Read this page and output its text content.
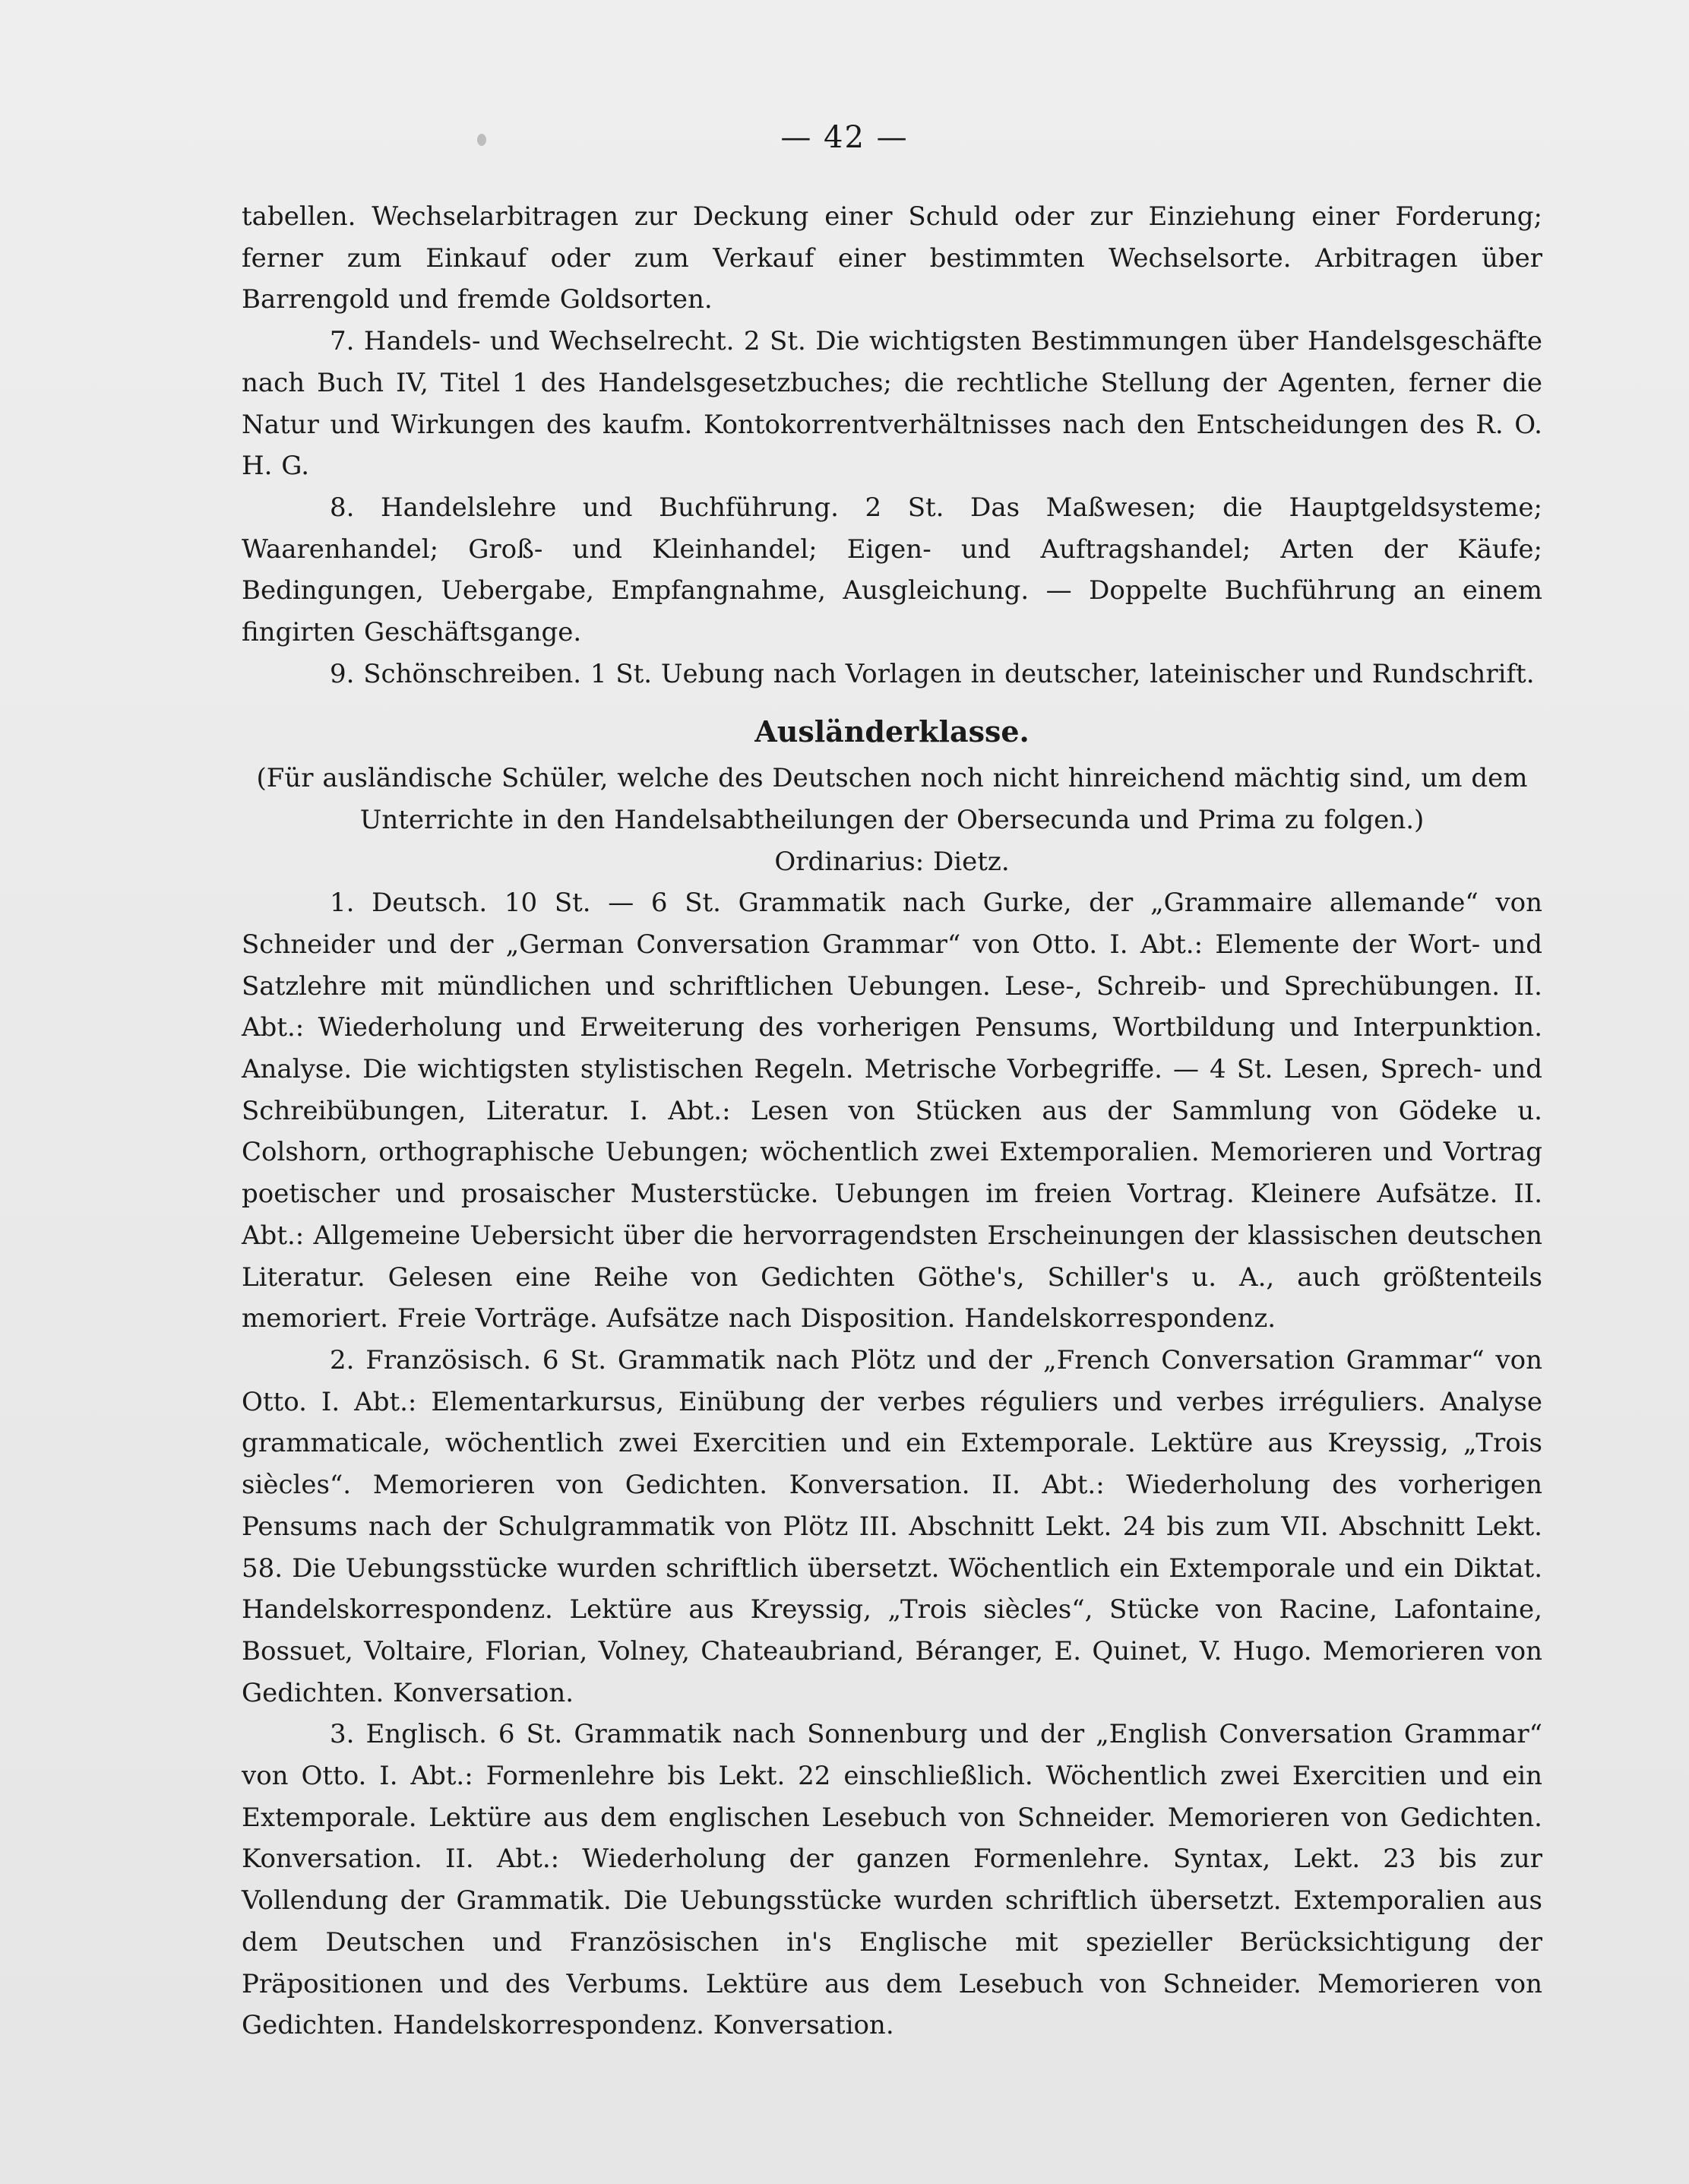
— 42 —

tabellen. Wechselarbitragen zur Deckung einer Schuld oder zur Einziehung einer Forderung; ferner zum Einkauf oder zum Verkauf einer bestimmten Wechselsorte. Arbitragen über Barrengold und fremde Goldsorten.

7. Handels- und Wechselrecht. 2 St. Die wichtigsten Bestimmungen über Handelsgeschäfte nach Buch IV, Titel 1 des Handelsgesetzbuches; die rechtliche Stellung der Agenten, ferner die Natur und Wirkungen des kaufm. Kontokorrentverhältnisses nach den Entscheidungen des R. O. H. G.

8. Handelslehre und Buchführung. 2 St. Das Maßwesen; die Hauptgeldsysteme; Waarenhandel; Groß- und Kleinhandel; Eigen- und Auftragshandel; Arten der Käufe; Bedingungen, Uebergabe, Empfangnahme, Ausgleichung. — Doppelte Buchführung an einem fingirten Geschäftsgange.

9. Schönschreiben. 1 St. Uebung nach Vorlagen in deutscher, lateinischer und Rundschrift.

Ausländerklasse.

(Für ausländische Schüler, welche des Deutschen noch nicht hinreichend mächtig sind, um dem Unterrichte in den Handelsabtheilungen der Obersecunda und Prima zu folgen.)

Ordinarius: Dietz.

1. Deutsch. 10 St. — 6 St. Grammatik nach Gurke, der „Grammaire allemande“ von Schneider und der „German Conversation Grammar“ von Otto. I. Abt.: Elemente der Wort- und Satzlehre mit mündlichen und schriftlichen Uebungen. Lese-, Schreib- und Sprechübungen. II. Abt.: Wiederholung und Erweiterung des vorherigen Pensums, Wortbildung und Interpunktion. Analyse. Die wichtigsten stylistischen Regeln. Metrische Vorbegriffe. — 4 St. Lesen, Sprech- und Schreibübungen, Literatur. I. Abt.: Lesen von Stücken aus der Sammlung von Gödeke u. Colshorn, orthographische Uebungen; wöchentlich zwei Extemporalien. Memorieren und Vortrag poetischer und prosaischer Musterstücke. Uebungen im freien Vortrag. Kleinere Aufsätze. II. Abt.: Allgemeine Uebersicht über die hervorragendsten Erscheinungen der klassischen deutschen Literatur. Gelesen eine Reihe von Gedichten Göthe's, Schiller's u. A., auch größtenteils memoriert. Freie Vorträge. Aufsätze nach Disposition. Handelskorrespondenz.

2. Französisch. 6 St. Grammatik nach Plötz und der „French Conversation Grammar“ von Otto. I. Abt.: Elementarkursus, Einübung der verbes réguliers und verbes irréguliers. Analyse grammaticale, wöchentlich zwei Exercitien und ein Extemporale. Lektüre aus Kreyssig, „Trois siècles“. Memorieren von Gedichten. Konversation. II. Abt.: Wiederholung des vorherigen Pensums nach der Schulgrammatik von Plötz III. Abschnitt Lekt. 24 bis zum VII. Abschnitt Lekt. 58. Die Uebungsstücke wurden schriftlich übersetzt. Wöchentlich ein Extemporale und ein Diktat. Handelskorrespondenz. Lektüre aus Kreyssig, „Trois siècles“, Stücke von Racine, Lafontaine, Bossuet, Voltaire, Florian, Volney, Chateaubriand, Béranger, E. Quinet, V. Hugo. Memorieren von Gedichten. Konversation.

3. Englisch. 6 St. Grammatik nach Sonnenburg und der „English Conversation Grammar“ von Otto. I. Abt.: Formenlehre bis Lekt. 22 einschließlich. Wöchentlich zwei Exercitien und ein Extemporale. Lektüre aus dem englischen Lesebuch von Schneider. Memorieren von Gedichten. Konversation. II. Abt.: Wiederholung der ganzen Formenlehre. Syntax, Lekt. 23 bis zur Vollendung der Grammatik. Die Uebungsstücke wurden schriftlich übersetzt. Extemporalien aus dem Deutschen und Französischen in's Englische mit spezieller Berücksichtigung der Präpositionen und des Verbums. Lektüre aus dem Lesebuch von Schneider. Memorieren von Gedichten. Handelskorrespondenz. Konversation.
